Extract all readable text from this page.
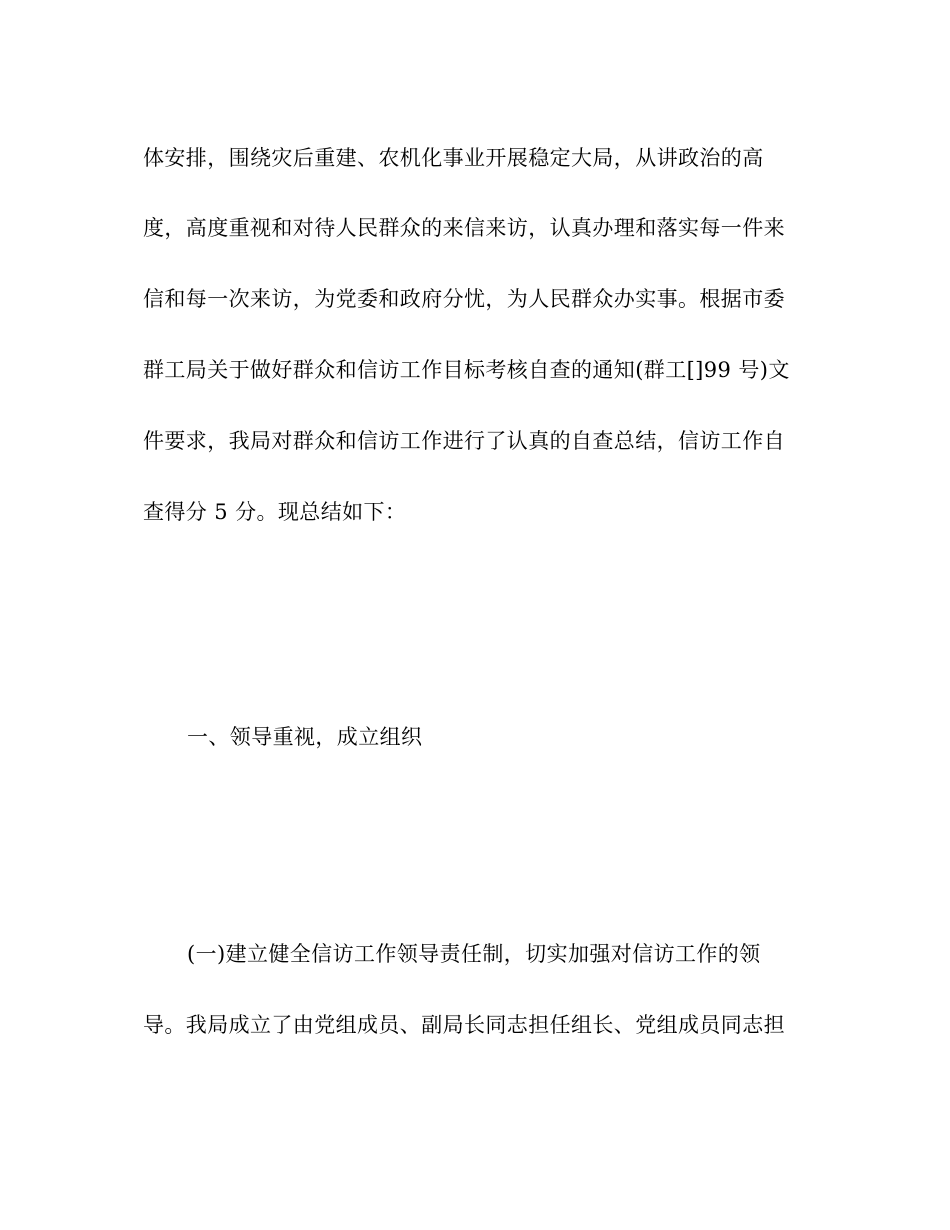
体安排，围绕灾后重建、农机化事业开展稳定大局，从讲政治的高
度，高度重视和对待人民群众的来信来访，认真办理和落实每一件来
信和每一次来访，为党委和政府分忧，为人民群众办实事。根据市委
群工局关于做好群众和信访工作目标考核自查的通知(群工[]99 号)文
件要求，我局对群众和信访工作进行了认真的自查总结，信访工作自
查得分 5 分。现总结如下：
一、领导重视，成立组织
(一)建立健全信访工作领导责任制，切实加强对信访工作的领
导。我局成立了由党组成员、副局长同志担任组长、党组成员同志担
